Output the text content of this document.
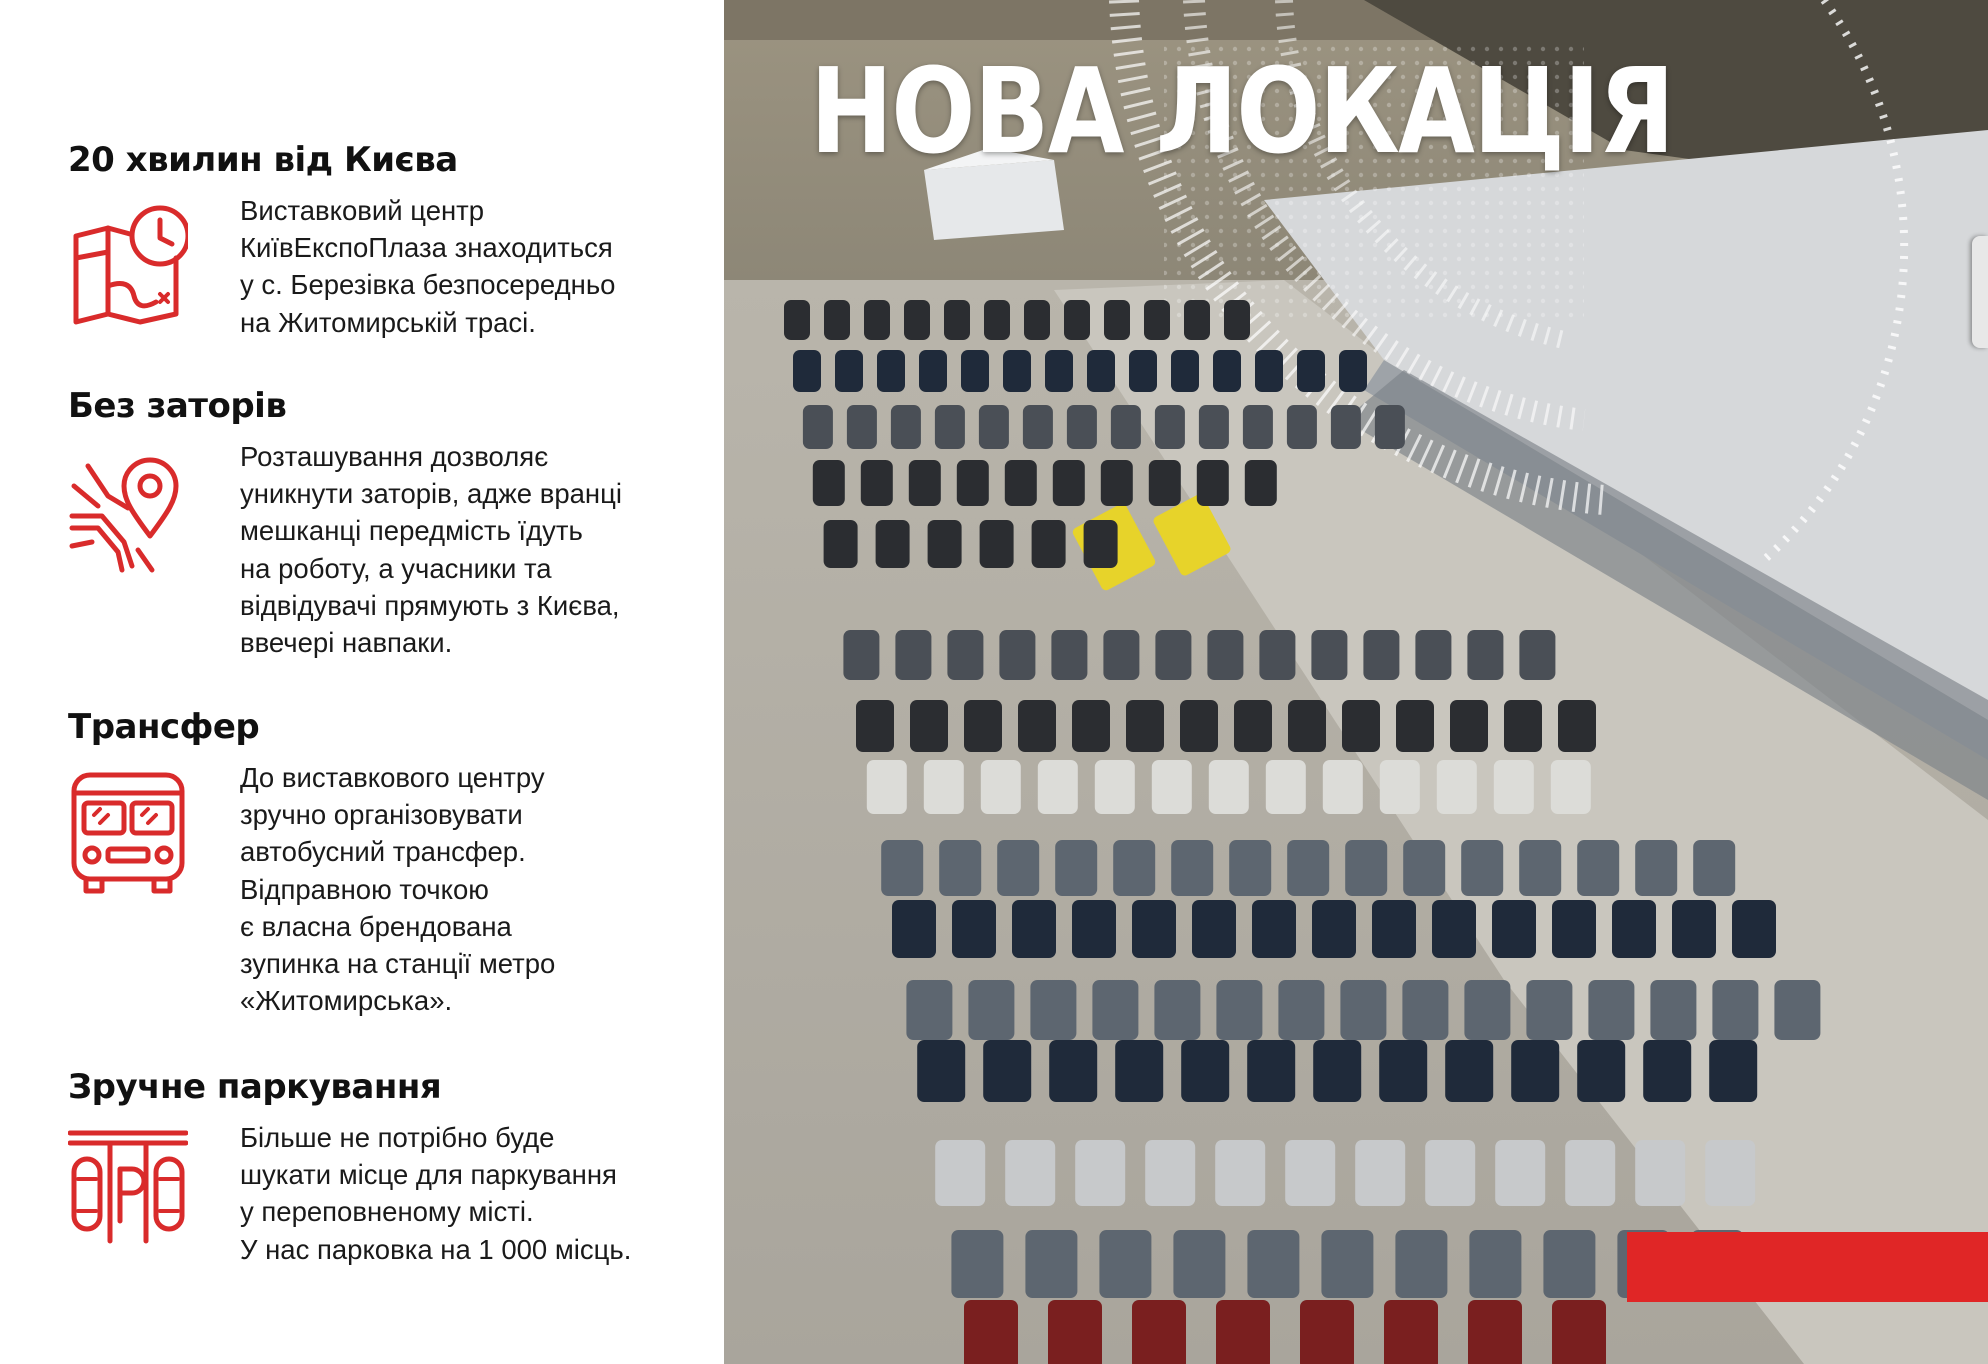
20 хвилин від Києва
Виставковий центр
КиївЕкспоПлаза знаходиться
у с. Березівка безпосередньо
на Житомирській трасі.
Без заторів
Розташування дозволяє
уникнути заторів, адже вранці
мешканці передмість їдуть
на роботу, а учасники та
відвідувачі прямують з Києва,
ввечері навпаки.
Трансфер
До виставкового центру
зручно організовувати
автобусний трансфер.
Відправною точкою
є власна брендована
зупинка на станції метро
«Житомирська».
Зручне паркування
Більше не потрібно буде
шукати місце для паркування
у переповненому місті.
У нас парковка на 1 000 місць.
НОВА ЛОКАЦІЯ
